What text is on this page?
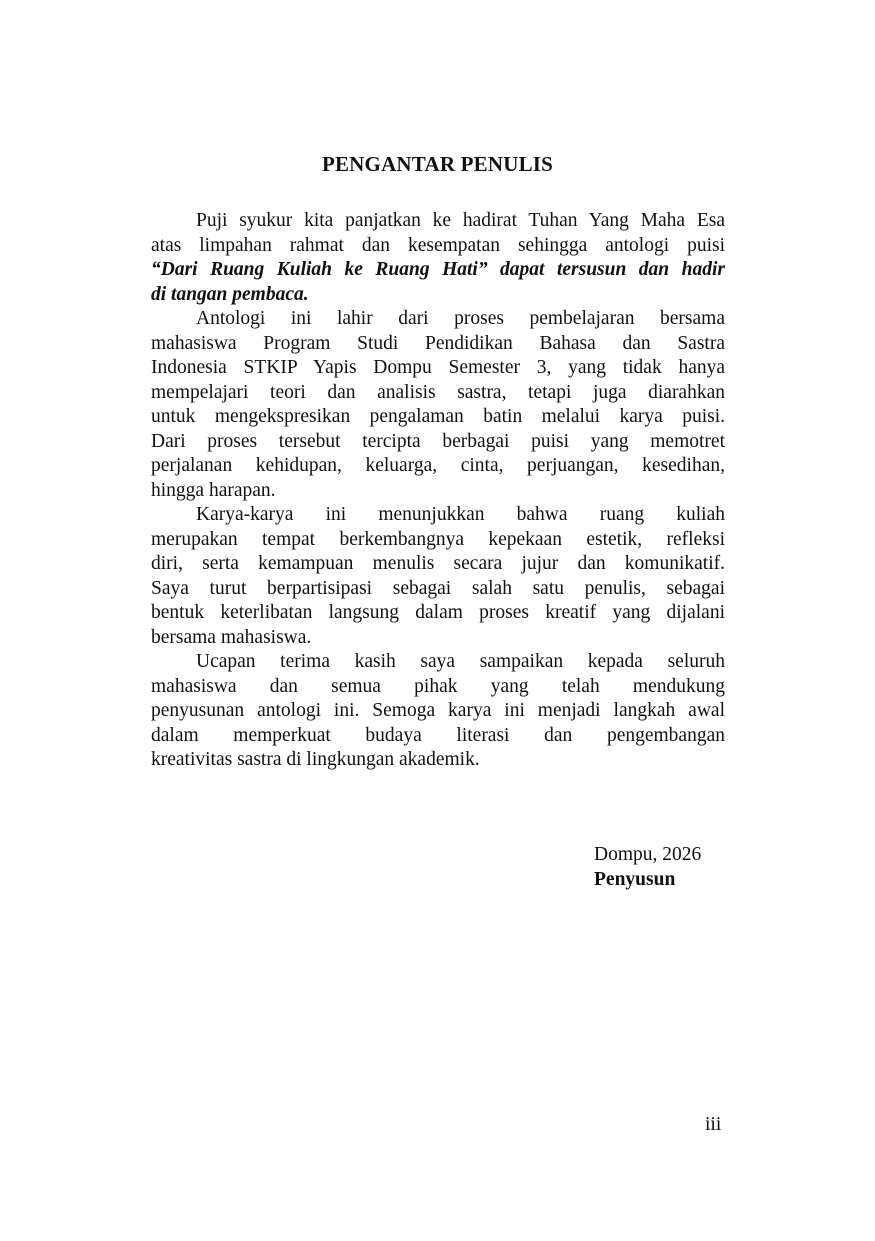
PENGANTAR PENULIS
Puji syukur kita panjatkan ke hadirat Tuhan Yang Maha Esa
atas limpahan rahmat dan kesempatan sehingga antologi puisi
“Dari Ruang Kuliah ke Ruang Hati” dapat tersusun dan hadir
di tangan pembaca.
Antologi ini lahir dari proses pembelajaran bersama
mahasiswa Program Studi Pendidikan Bahasa dan Sastra
Indonesia STKIP Yapis Dompu Semester 3, yang tidak hanya
mempelajari teori dan analisis sastra, tetapi juga diarahkan
untuk mengekspresikan pengalaman batin melalui karya puisi.
Dari proses tersebut tercipta berbagai puisi yang memotret
perjalanan kehidupan, keluarga, cinta, perjuangan, kesedihan,
hingga harapan.
Karya-karya ini menunjukkan bahwa ruang kuliah
merupakan tempat berkembangnya kepekaan estetik, refleksi
diri, serta kemampuan menulis secara jujur dan komunikatif.
Saya turut berpartisipasi sebagai salah satu penulis, sebagai
bentuk keterlibatan langsung dalam proses kreatif yang dijalani
bersama mahasiswa.
Ucapan terima kasih saya sampaikan kepada seluruh
mahasiswa dan semua pihak yang telah mendukung
penyusunan antologi ini. Semoga karya ini menjadi langkah awal
dalam memperkuat budaya literasi dan pengembangan
kreativitas sastra di lingkungan akademik.
Dompu, 2026
Penyusun
iii
